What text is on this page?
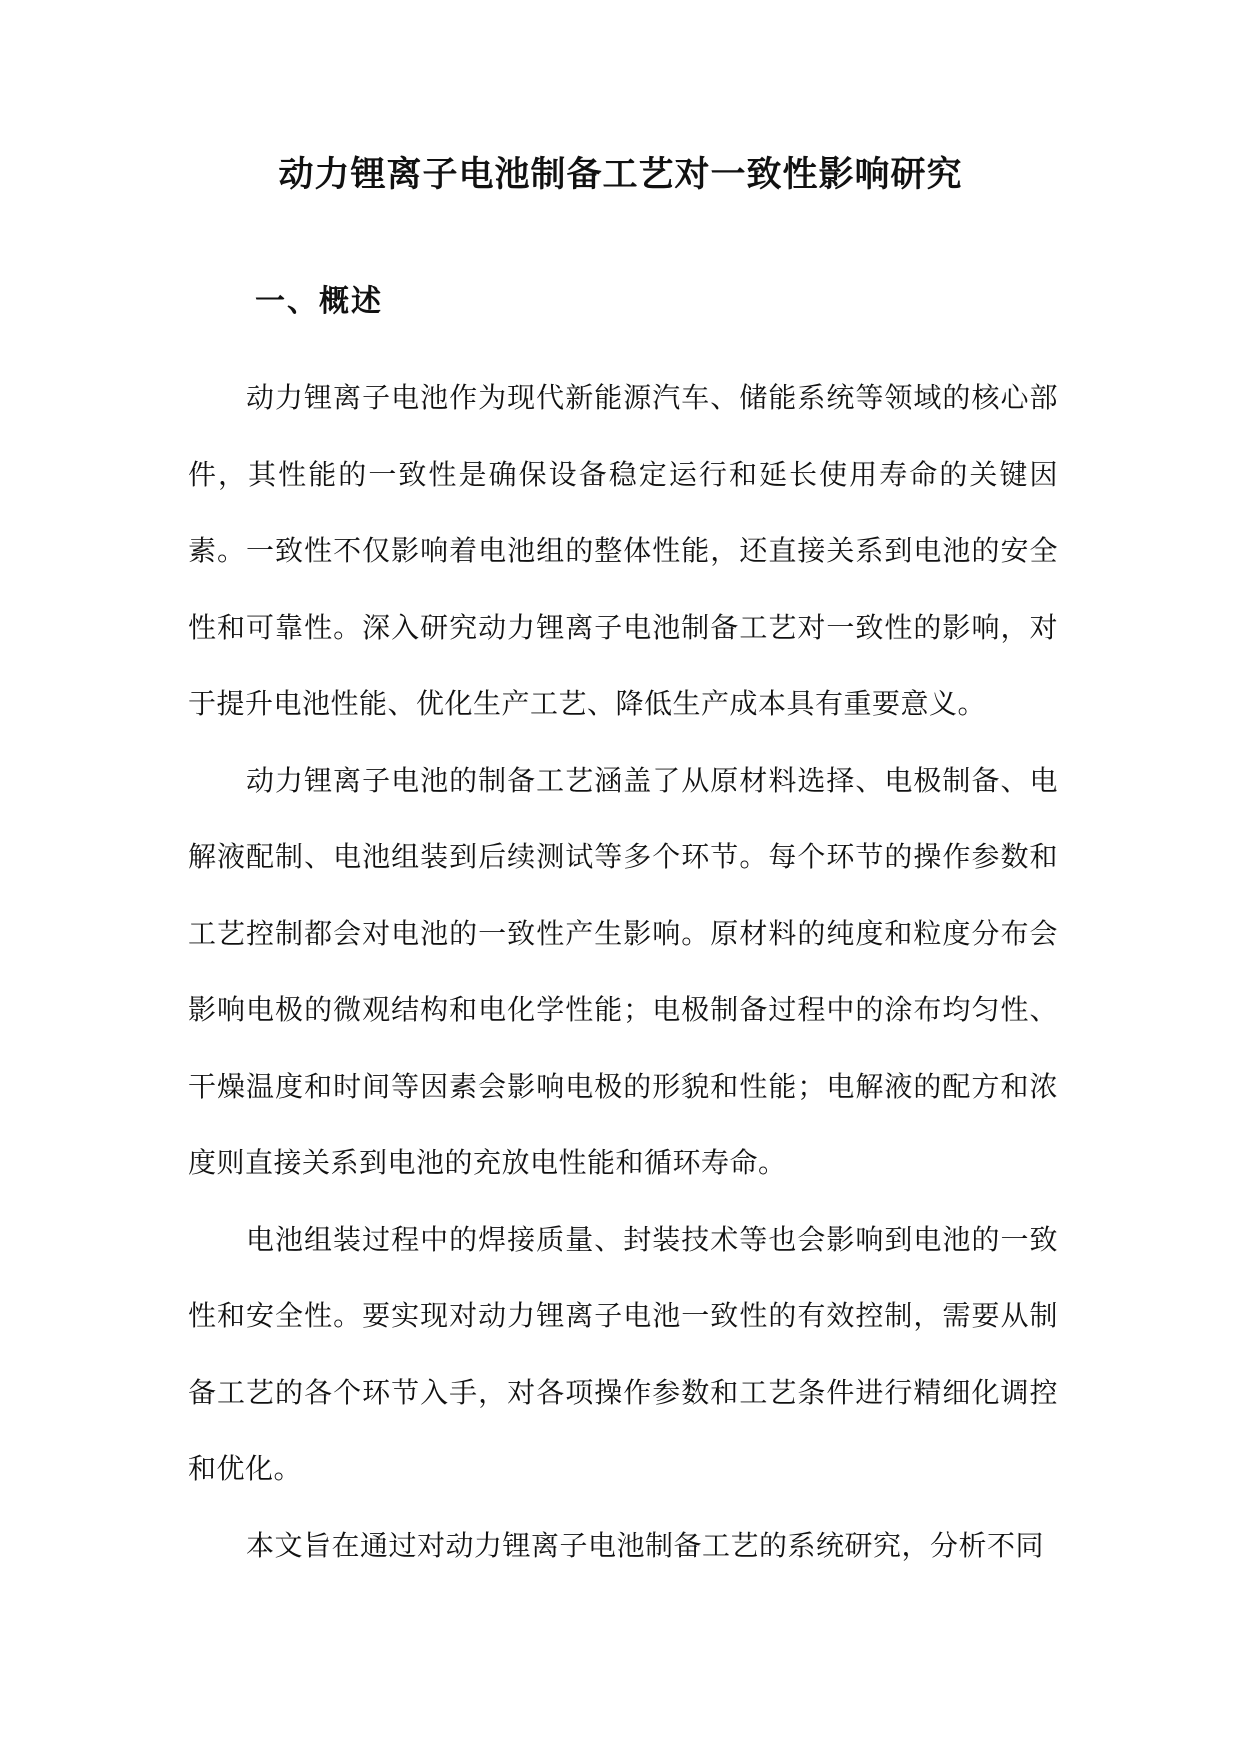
动力锂离子电池制备工艺对一致性影响研究
一、概述

动力锂离子电池作为现代新能源汽车、储能系统等领域的核心部件，其性能的一致性是确保设备稳定运行和延长使用寿命的关键因素。一致性不仅影响着电池组的整体性能，还直接关系到电池的安全性和可靠性。深入研究动力锂离子电池制备工艺对一致性的影响，对于提升电池性能、优化生产工艺、降低生产成本具有重要意义。

动力锂离子电池的制备工艺涵盖了从原材料选择、电极制备、电解液配制、电池组装到后续测试等多个环节。每个环节的操作参数和工艺控制都会对电池的一致性产生影响。原材料的纯度和粒度分布会影响电极的微观结构和电化学性能；电极制备过程中的涂布均匀性、干燥温度和时间等因素会影响电极的形貌和性能；电解液的配方和浓度则直接关系到电池的充放电性能和循环寿命。

电池组装过程中的焊接质量、封装技术等也会影响到电池的一致性和安全性。要实现对动力锂离子电池一致性的有效控制，需要从制备工艺的各个环节入手，对各项操作参数和工艺条件进行精细化调控和优化。

本文旨在通过对动力锂离子电池制备工艺的系统研究，分析不同
